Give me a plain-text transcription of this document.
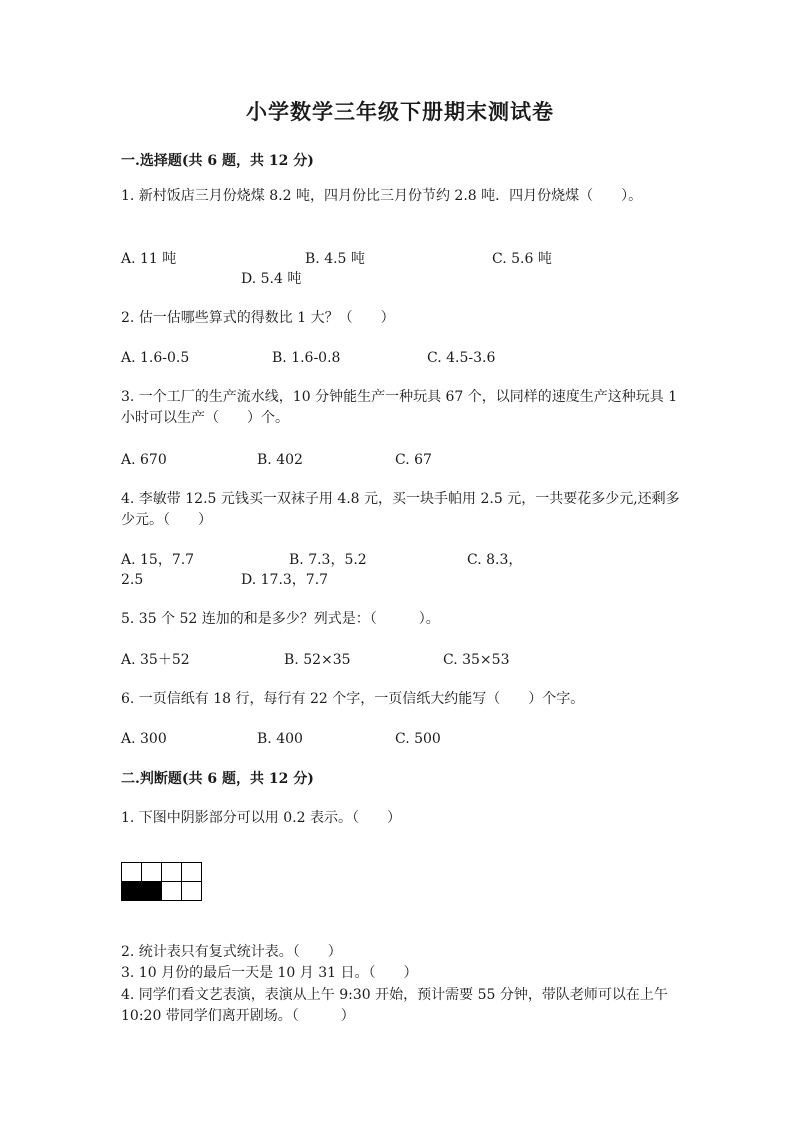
小学数学三年级下册期末测试卷
一.选择题(共 6 题，共 12 分)
1. 新村饭店三月份烧煤 8.2 吨，四月份比三月份节约 2.8 吨．四月份烧煤（　　）。
A. 11 吨	B. 4.5 吨	C. 5.6 吨
D. 5.4 吨
2. 估一估哪些算式的得数比 1 大？（　　）
A. 1.6-0.5	B. 1.6-0.8	C. 4.5-3.6
3. 一个工厂的生产流水线，10 分钟能生产一种玩具 67 个，以同样的速度生产这种玩具 1 小时可以生产（　　）个。
A. 670	B. 402	C. 67
4. 李敏带 12.5 元钱买一双袜子用 4.8 元，买一块手帕用 2.5 元，一共要花多少元,还剩多少元。（　　）
A. 15，7.7	B. 7.3，5.2	C. 8.3，
2.5	D. 17.3，7.7
5. 35 个 52 连加的和是多少？列式是：（　　　）。
A. 35＋52	B. 52×35	C. 35×53
6. 一页信纸有 18 行，每行有 22 个字，一页信纸大约能写（　　）个字。
A. 300	B. 400	C. 500
二.判断题(共 6 题，共 12 分)
1. 下图中阴影部分可以用 0.2 表示。（　　）

2. 统计表只有复式统计表。（　　）
3. 10 月份的最后一天是 10 月 31 日。（　　）
4. 同学们看文艺表演，表演从上午 9:30 开始，预计需要 55 分钟，带队老师可以在上午 10:20 带同学们离开剧场。（　　　）
